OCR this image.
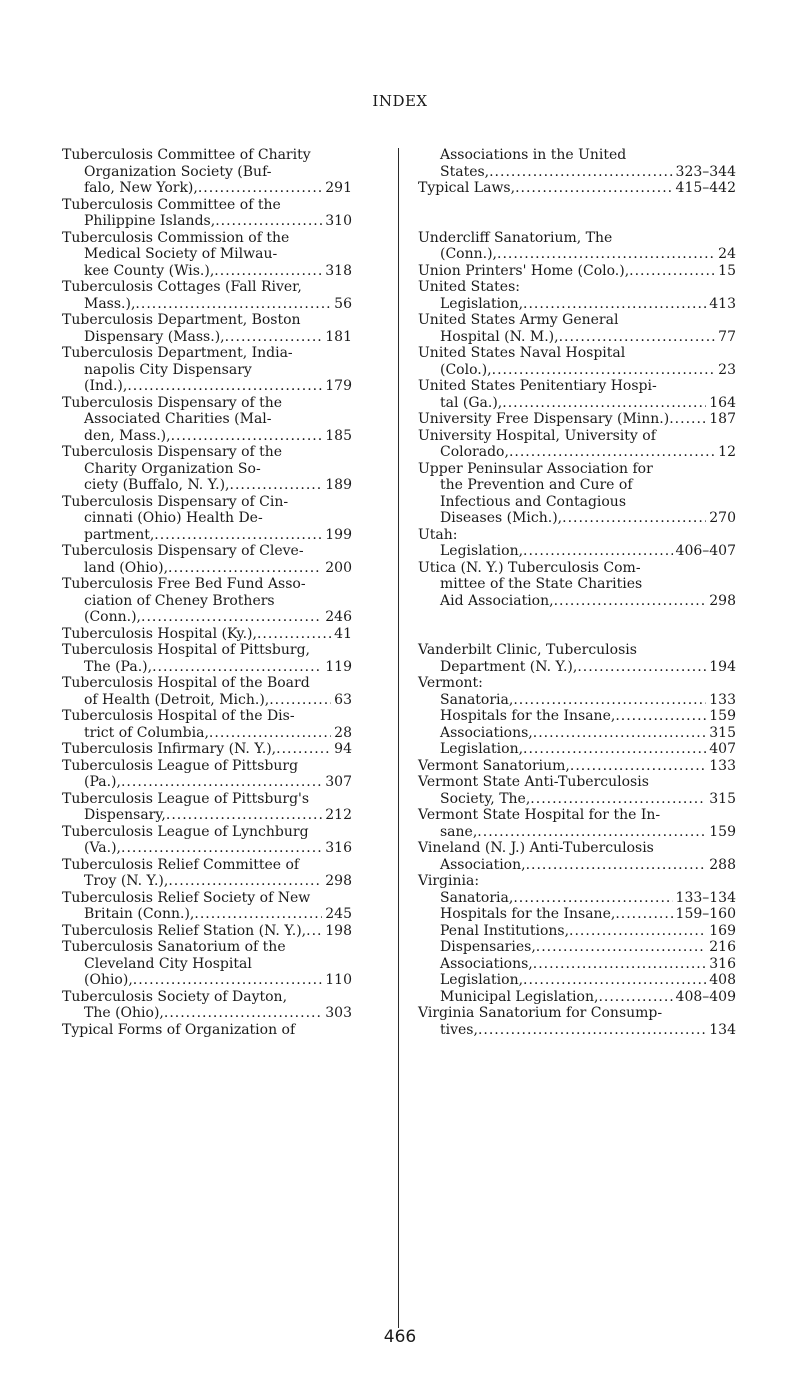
INDEX
Tuberculosis Committee of Charity
Organization Society (Buf-
falo, New York), .....	291
Tuberculosis Committee of the
Philippine Islands, .....	310
Tuberculosis Commission of the
Medical Society of Milwau-
kee County (Wis.), .....	318
Tuberculosis Cottages (Fall River,
Mass.), .....	56
Tuberculosis Department, Boston
Dispensary (Mass.), .....	181
Tuberculosis Department, India-
napolis City Dispensary
(Ind.), .....	179
Tuberculosis Dispensary of the
Associated Charities (Mal-
den, Mass.), .....	185
Tuberculosis Dispensary of the
Charity Organization So-
ciety (Buffalo, N. Y.), .....	189
Tuberculosis Dispensary of Cin-
cinnati (Ohio) Health De-
partment, .....	199
Tuberculosis Dispensary of Cleve-
land (Ohio), .....	200
Tuberculosis Free Bed Fund Asso-
ciation of Cheney Brothers
(Conn.), .....	246
Tuberculosis Hospital (Ky.), .....	41
Tuberculosis Hospital of Pittsburg,
The (Pa.), .....	119
Tuberculosis Hospital of the Board
of Health (Detroit, Mich.), .....	63
Tuberculosis Hospital of the Dis-
trict of Columbia, .....	28
Tuberculosis Infirmary (N. Y.), .....	94
Tuberculosis League of Pittsburg
(Pa.), .....	307
Tuberculosis League of Pittsburg's
Dispensary, .....	212
Tuberculosis League of Lynchburg
(Va.), .....	316
Tuberculosis Relief Committee of
Troy (N. Y.), .....	298
Tuberculosis Relief Society of New
Britain (Conn.), .....	245
Tuberculosis Relief Station (N. Y.), ..... 198
Tuberculosis Sanatorium of the
Cleveland City Hospital
(Ohio), .....	110
Tuberculosis Society of Dayton,
The (Ohio), .....	303
Typical Forms of Organization of
Associations in the United
States, .....	323–344
Typical Laws, .....	415–442
Undercliff Sanatorium, The
(Conn.), .....	24
Union Printers' Home (Colo.), .....	15
United States:
Legislation, .....	413
United States Army General
Hospital (N. M.), .....	77
United States Naval Hospital
(Colo.), .....	23
United States Penitentiary Hospi-
tal (Ga.), .....	164
University Free Dispensary (Minn.) .....	187
University Hospital, University of
Colorado, .....	12
Upper Peninsular Association for
the Prevention and Cure of
Infectious and Contagious
Diseases (Mich.), .....	270
Utah:
Legislation, .....	406–407
Utica (N. Y.) Tuberculosis Com-
mittee of the State Charities
Aid Association, .....	298
Vanderbilt Clinic, Tuberculosis
Department (N. Y.), .....	194
Vermont:
Sanatoria, .....	133
Hospitals for the Insane, .....	159
Associations, .....	315
Legislation, .....	407
Vermont Sanatorium, .....	133
Vermont State Anti-Tuberculosis
Society, The, .....	315
Vermont State Hospital for the In-
sane, .....	159
Vineland (N. J.) Anti-Tuberculosis
Association, .....	288
Virginia:
Sanatoria, .....	133–134
Hospitals for the Insane, .....	159–160
Penal Institutions, .....	169
Dispensaries, .....	216
Associations, .....	316
Legislation, .....	408
Municipal Legislation, .....	408–409
Virginia Sanatorium for Consump-
tives, .....	134
466
